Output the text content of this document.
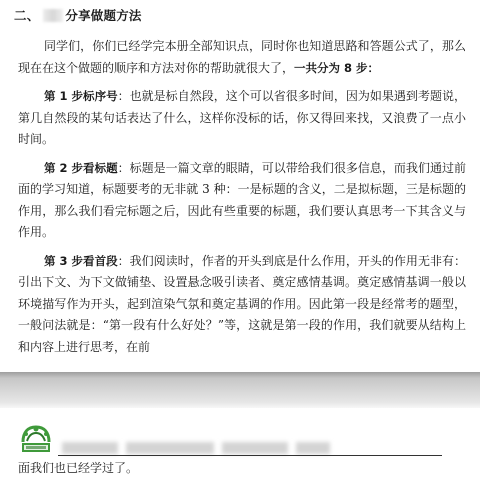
二、 分享做题方法

同学们，你们已经学完本册全部知识点，同时你也知道思路和答题公式了，那么现在在这个做题的顺序和方法对你的帮助就很大了，一共分为 8 步：

第 1 步标序号：也就是标自然段，这个可以省很多时间，因为如果遇到考题说，第几自然段的某句话表达了什么，这样你没标的话，你又得回来找，又浪费了一点小时间。

第 2 步看标题：标题是一篇文章的眼睛，可以带给我们很多信息，而我们通过前面的学习知道，标题要考的无非就 3 种：一是标题的含义，二是拟标题，三是标题的作用，那么我们看完标题之后，因此有些重要的标题，我们要认真思考一下其含义与作用。

第 3 步看首段：我们阅读时，作者的开头到底是什么作用，开头的作用无非有：引出下文、为下文做铺垫、设置悬念吸引读者、奠定感情基调。奠定感情基调一般以环境描写作为开头，起到渲染气氛和奠定基调的作用。因此第一段是经常考的题型，一般问法就是：“第一段有什么好处？”等，这就是第一段的作用，我们就要从结构上和内容上进行思考，在前

面我们也已经学过了。
